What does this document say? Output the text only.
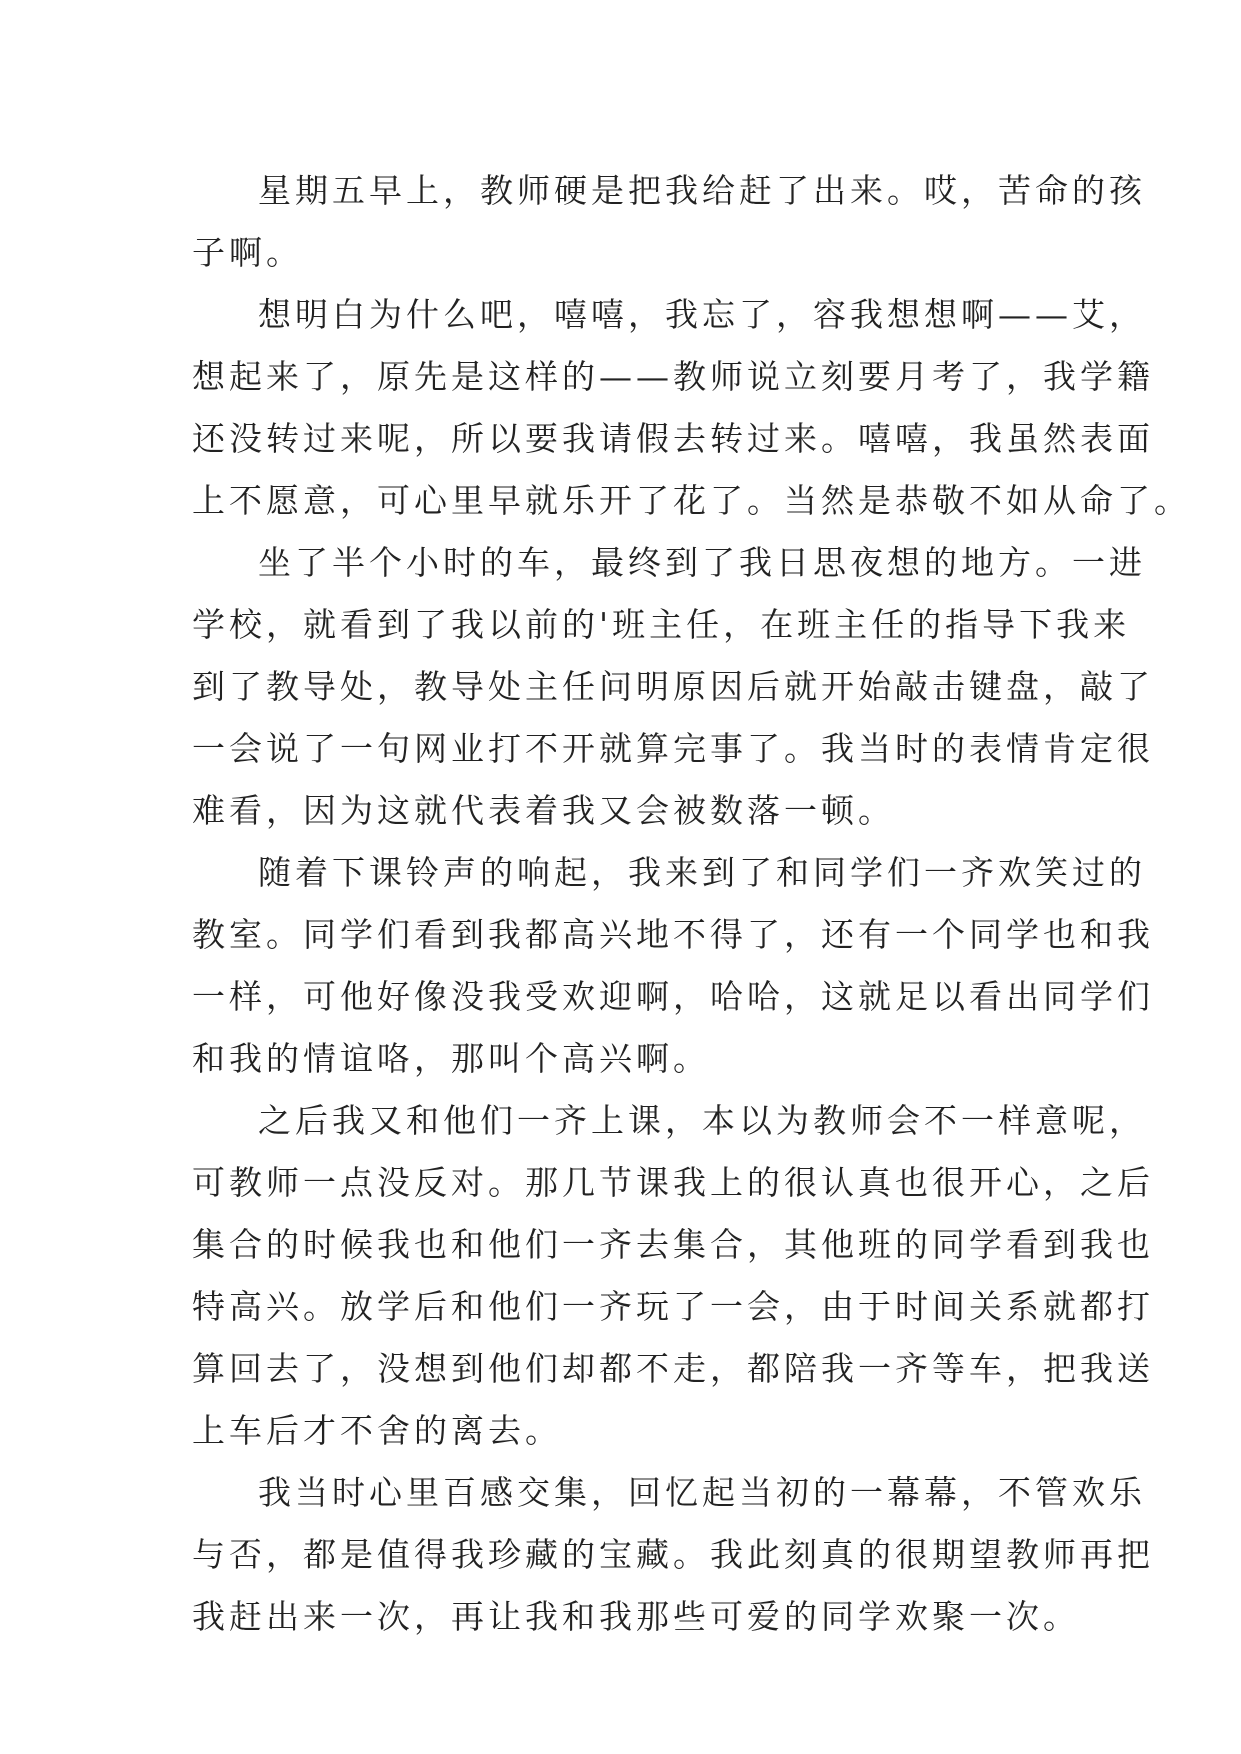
星期五早上，教师硬是把我给赶了出来。哎，苦命的孩
子啊。
想明白为什么吧，嘻嘻，我忘了，容我想想啊——艾，
想起来了，原先是这样的——教师说立刻要月考了，我学籍
还没转过来呢，所以要我请假去转过来。嘻嘻，我虽然表面
上不愿意，可心里早就乐开了花了。当然是恭敬不如从命了。
坐了半个小时的车，最终到了我日思夜想的地方。一进
学校，就看到了我以前的'班主任，在班主任的指导下我来
到了教导处，教导处主任问明原因后就开始敲击键盘，敲了
一会说了一句网业打不开就算完事了。我当时的表情肯定很
难看，因为这就代表着我又会被数落一顿。
随着下课铃声的响起，我来到了和同学们一齐欢笑过的
教室。同学们看到我都高兴地不得了，还有一个同学也和我
一样，可他好像没我受欢迎啊，哈哈，这就足以看出同学们
和我的情谊咯，那叫个高兴啊。
之后我又和他们一齐上课，本以为教师会不一样意呢，
可教师一点没反对。那几节课我上的很认真也很开心，之后
集合的时候我也和他们一齐去集合，其他班的同学看到我也
特高兴。放学后和他们一齐玩了一会，由于时间关系就都打
算回去了，没想到他们却都不走，都陪我一齐等车，把我送
上车后才不舍的离去。
我当时心里百感交集，回忆起当初的一幕幕，不管欢乐
与否，都是值得我珍藏的宝藏。我此刻真的很期望教师再把
我赶出来一次，再让我和我那些可爱的同学欢聚一次。
